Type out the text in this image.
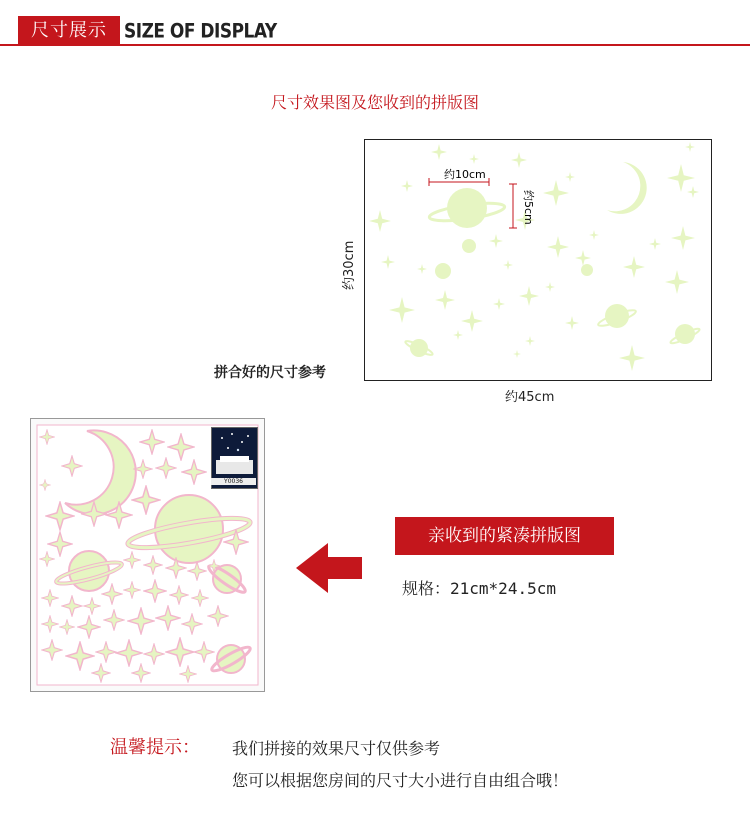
尺寸展示	SIZE OF DISPLAY
尺寸效果图及您收到的拼版图
约10cm
约5cm
约30cm
约45cm
拼合好的尺寸参考
Y0036
亲收到的紧凑拼版图
规格：21cm*24.5cm
温馨提示： 我们拼接的效果尺寸仅供参考
您可以根据您房间的尺寸大小进行自由组合哦！
